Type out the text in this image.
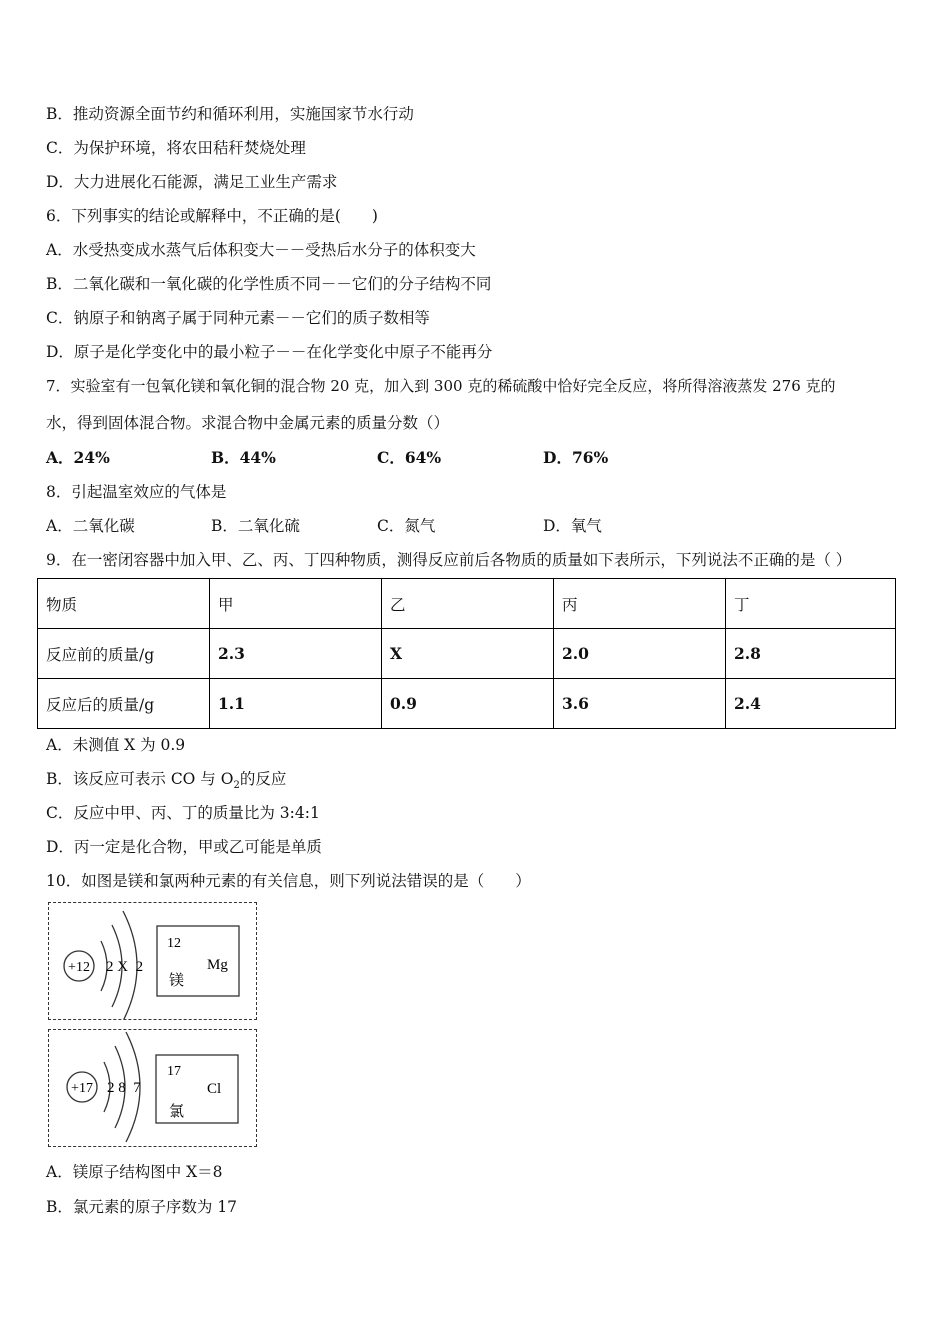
B．推动资源全面节约和循环利用，实施国家节水行动
C．为保护环境，将农田秸秆焚烧处理
D．大力进展化石能源，满足工业生产需求
6．下列事实的结论或解释中，不正确的是(　　)
A．水受热变成水蒸气后体积变大－－受热后水分子的体积变大
B．二氧化碳和一氧化碳的化学性质不同－－它们的分子结构不同
C．钠原子和钠离子属于同种元素－－它们的质子数相等
D．原子是化学变化中的最小粒子－－在化学变化中原子不能再分
7．实验室有一包氧化镁和氧化铜的混合物 20 克，加入到 300 克的稀硫酸中恰好完全反应，将所得溶液蒸发 276 克的
水，得到固体混合物。求混合物中金属元素的质量分数（）
A．24%	B．44%	C．64%	D．76%
8．引起温室效应的气体是
A．二氧化碳	B．二氧化硫	C．氮气	D．氧气
9．在一密闭容器中加入甲、乙、丙、丁四种物质，测得反应前后各物质的质量如下表所示，下列说法不正确的是（ ）
物质	甲	乙	丙	丁
反应前的质量/g	2.3	X	2.0	2.8
反应后的质量/g	1.1	0.9	3.6	2.4
A．未测值 X 为 0.9
B．该反应可表示 CO 与 $O_2$的反应
C．反应中甲、丙、丁的质量比为 3:4:1
D．丙一定是化合物，甲或乙可能是单质
10．如图是镁和氯两种元素的有关信息，则下列说法错误的是（　　）
+12 2 X  2
12
Mg
镁
+17 2 8  7
17
Cl
氯
A．镁原子结构图中 X＝8
B．氯元素的原子序数为 17
